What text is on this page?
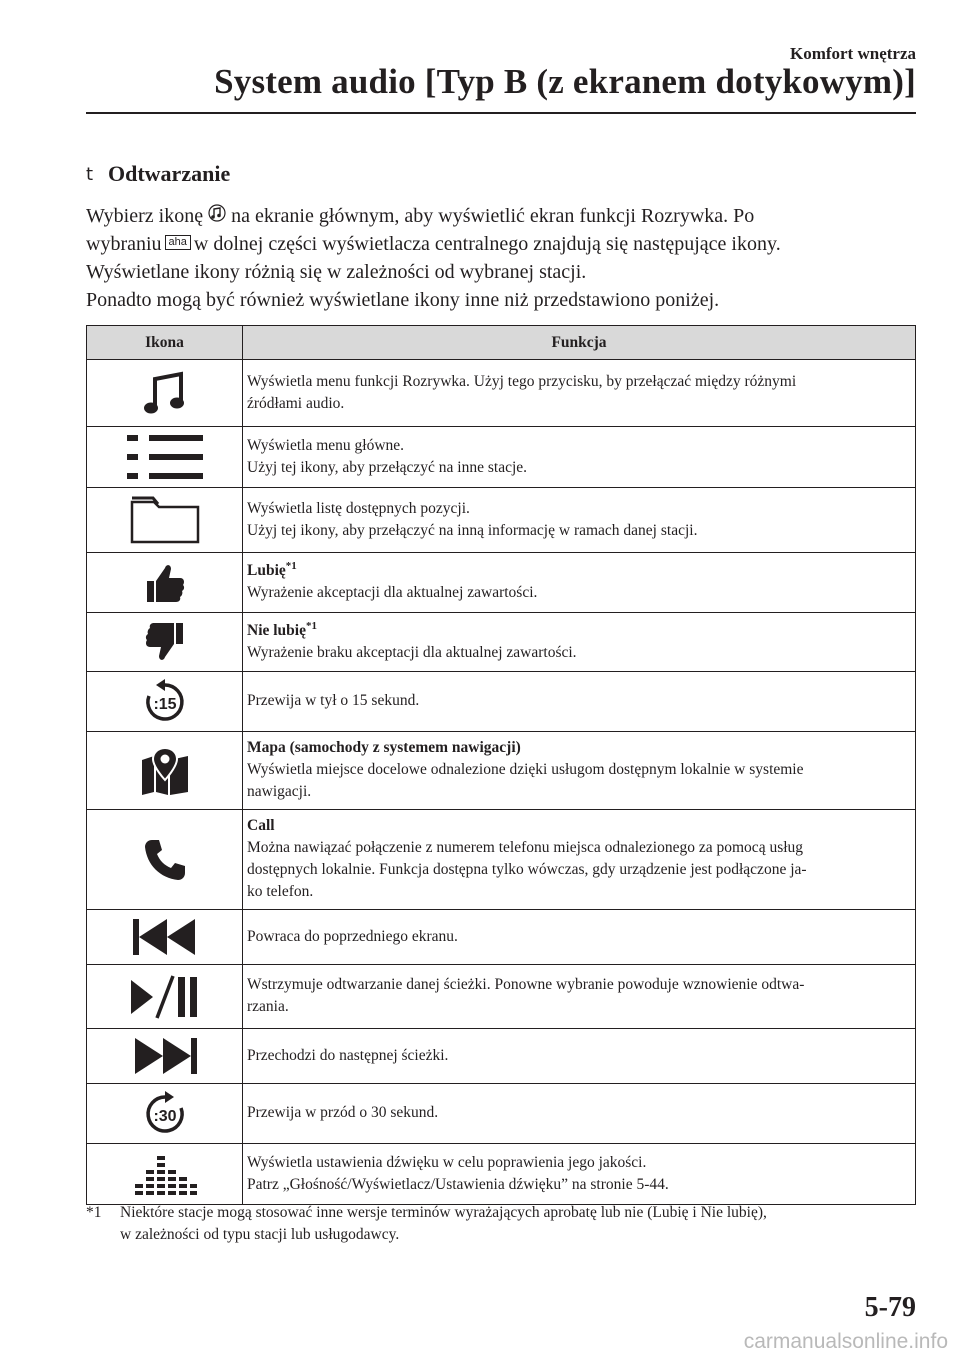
Komfort wnętrza
System audio [Typ B (z ekranem dotykowym)]
t Odtwarzanie

Wybierz ikonę na ekranie głównym, aby wyświetlić ekran funkcji Rozrywka. Po

wybraniu aha w dolnej części wyświetlacza centralnego znajdują się następujące ikony.

Wyświetlane ikony różnią się w zależności od wybranej stacji.

Ponadto mogą być również wyświetlane ikony inne niż przedstawiono poniżej.

Ikona	Funkcja

Wyświetla menu funkcji Rozrywka. Użyj tego przycisku, by przełączać między różnymi
źródłami audio.

Wyświetla menu główne.
Użyj tej ikony, aby przełączyć na inne stacje.

Wyświetla listę dostępnych pozycji.
Użyj tej ikony, aby przełączyć na inną informację w ramach danej stacji.

Lubię$^{*1}$
Wyrażenie akceptacji dla aktualnej zawartości.

Nie lubię$^{*1}$
Wyrażenie braku akceptacji dla aktualnej zawartości.

:15	Przewija w tył o 15 sekund.

Mapa (samochody z systemem nawigacji)
Wyświetla miejsce docelowe odnalezione dzięki usługom dostępnym lokalnie w systemie
nawigacji.

Call
Można nawiązać połączenie z numerem telefonu miejsca odnalezionego za pomocą usług
dostępnych lokalnie. Funkcja dostępna tylko wówczas, gdy urządzenie jest podłączone ja-
ko telefon.

Powraca do poprzedniego ekranu.

Wstrzymuje odtwarzanie danej ścieżki. Ponowne wybranie powoduje wznowienie odtwa-
rzania.

Przechodzi do następnej ścieżki.

:30	Przewija w przód o 30 sekund.

Wyświetla ustawienia dźwięku w celu poprawienia jego jakości.
Patrz „Głośność/Wyświetlacz/Ustawienia dźwięku” na stronie 5-44.
*1	Niektóre stacje mogą stosować inne wersje terminów wyrażających aprobatę lub nie (Lubię i Nie lubię),
w zależności od typu stacji lub usługodawcy.
5-79
carmanualsonline.info
